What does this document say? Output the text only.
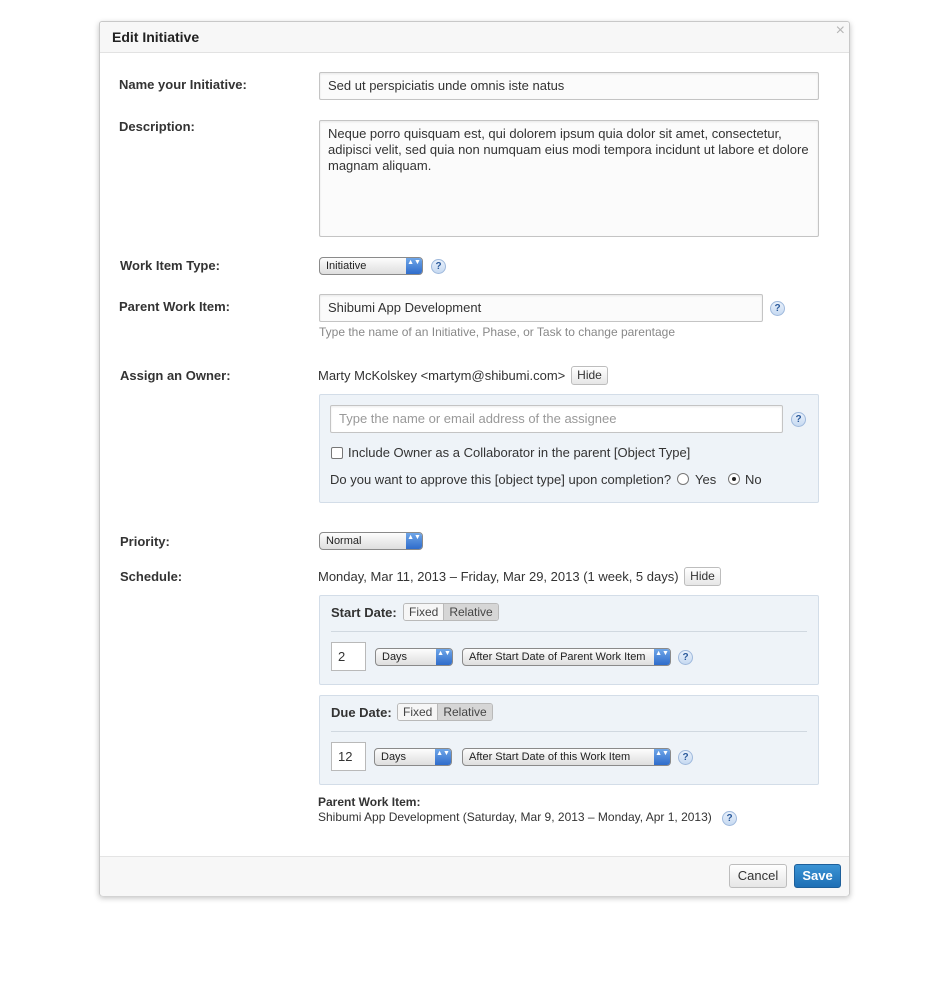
Edit Initiative	×
Name your Initiative:	Sed ut perspiciatis unde omnis iste natus
Description:	Neque porro quisquam est, qui dolorem ipsum quia dolor sit amet, consectetur, adipisci velit, sed quia non numquam eius modi tempora incidunt ut labore et dolore magnam aliquam.
Work Item Type:	Initiative	▲▼	?
Parent Work Item:	Shibumi App Development	?
Type the name of an Initiative, Phase, or Task to change parentage
Assign an Owner:	Marty McKolskey <martym@shibumi.com> Hide
Type the name or email address of the assignee	?
Include Owner as a Collaborator in the parent [Object Type]
Do you want to approve this [object type] upon completion? Yes No
Priority:	Normal	▲▼
Schedule:	Monday, Mar 11, 2013 – Friday, Mar 29, 2013 (1 week, 5 days) Hide
Start Date:	Fixed Relative
2	Days	▲▼	After Start Date of Parent Work Item ▲▼	?
Due Date: Fixed Relative
12	Days	▲▼	After Start Date of this Work Item	▲▼	?
Parent Work Item:
Shibumi App Development (Saturday, Mar 9, 2013 – Monday, Apr 1, 2013)	?
Cancel	Save
